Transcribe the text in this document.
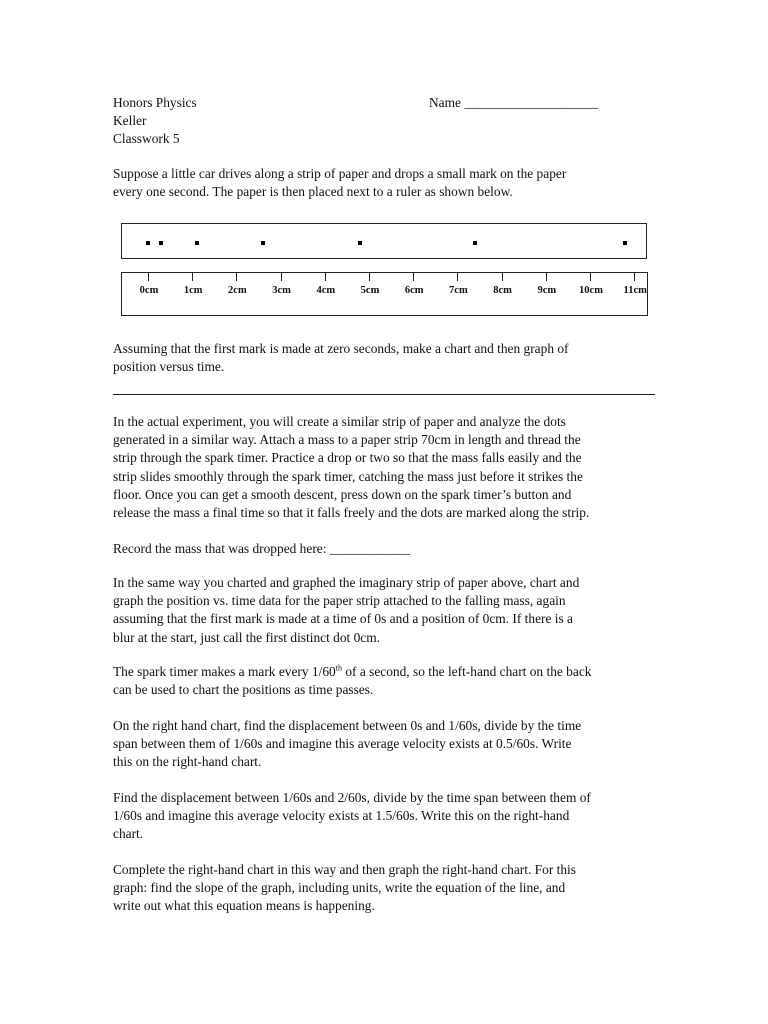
Honors Physics
Keller
Classwork 5
Name ____________________
Suppose a little car drives along a strip of paper and drops a small mark on the paper
every one second. The paper is then placed next to a ruler as shown below.
0cm 1cm 2cm 3cm 4cm 5cm 6cm 7cm 8cm 9cm 10cm 11cm
Assuming that the first mark is made at zero seconds, make a chart and then graph of
position versus time.
In the actual experiment, you will create a similar strip of paper and analyze the dots
generated in a similar way. Attach a mass to a paper strip 70cm in length and thread the
strip through the spark timer. Practice a drop or two so that the mass falls easily and the
strip slides smoothly through the spark timer, catching the mass just before it strikes the
floor. Once you can get a smooth descent, press down on the spark timer’s button and
release the mass a final time so that it falls freely and the dots are marked along the strip.
Record the mass that was dropped here: ____________
In the same way you charted and graphed the imaginary strip of paper above, chart and
graph the position vs. time data for the paper strip attached to the falling mass, again
assuming that the first mark is made at a time of 0s and a position of 0cm. If there is a
blur at the start, just call the first distinct dot 0cm.
The spark timer makes a mark every 1/60th of a second, so the left-hand chart on the back
can be used to chart the positions as time passes.
On the right hand chart, find the displacement between 0s and 1/60s, divide by the time
span between them of 1/60s and imagine this average velocity exists at 0.5/60s. Write
this on the right-hand chart.
Find the displacement between 1/60s and 2/60s, divide by the time span between them of
1/60s and imagine this average velocity exists at 1.5/60s. Write this on the right-hand
chart.
Complete the right-hand chart in this way and then graph the right-hand chart. For this
graph: find the slope of the graph, including units, write the equation of the line, and
write out what this equation means is happening.
